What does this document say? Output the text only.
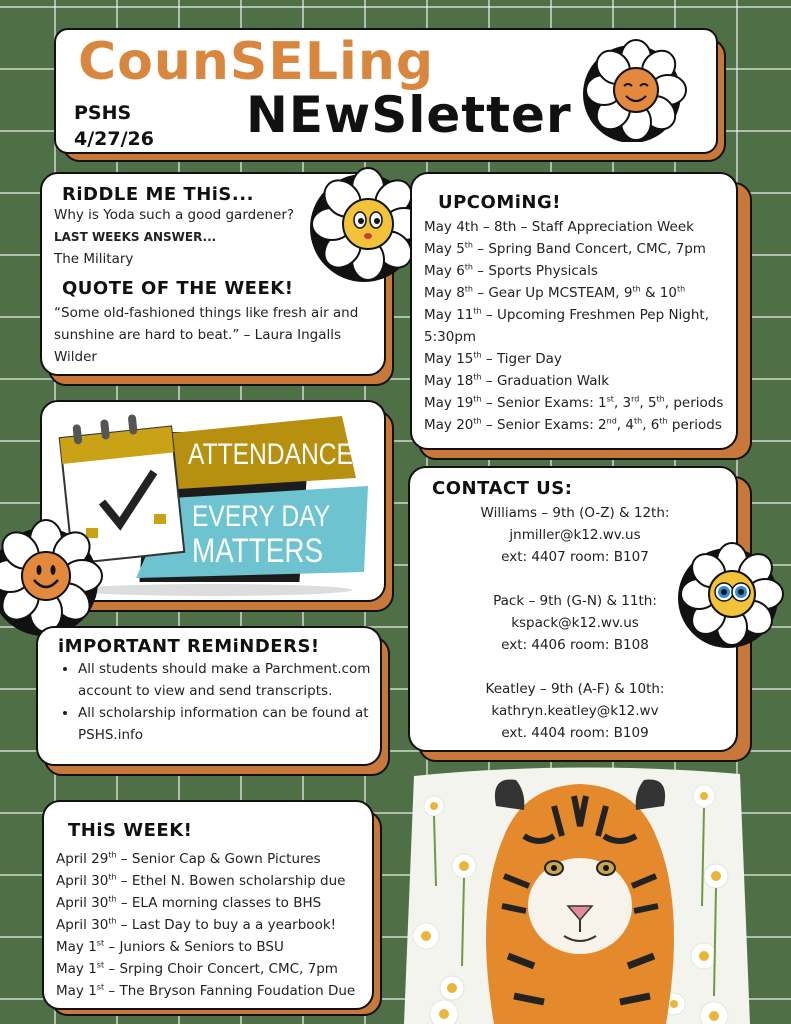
CounSELing
NEwSletter
PSHS
4/27/26
RiDDLE ME THiS...
Why is Yoda such a good gardener?
LAST WEEKS ANSWER...
The Military
QUOTE OF THE WEEK!
“Some old-fashioned things like fresh air and sunshine are hard to beat.” – Laura Ingalls Wilder
ATTENDANCE
EVERY DAY
MATTERS
iMPORTANT REMiNDERS!
• All students should make a Parchment.com account to view and send transcripts.
• All scholarship information can be found at PSHS.info
THiS WEEK!
April 29th – Senior Cap & Gown Pictures
April 30th – Ethel N. Bowen scholarship due
April 30th – ELA morning classes to BHS
April 30th – Last Day to buy a a yearbook!
May 1st – Juniors & Seniors to BSU
May 1st – Srping Choir Concert, CMC, 7pm
May 1st – The Bryson Fanning Foudation Due
UPCOMiNG!
May 4th – 8th – Staff Appreciation Week
May 5th – Spring Band Concert, CMC, 7pm
May 6th – Sports Physicals
May 8th – Gear Up MCSTEAM, 9th & 10th
May 11th – Upcoming Freshmen Pep Night, 5:30pm
May 15th – Tiger Day
May 18th – Graduation Walk
May 19th – Senior Exams: 1st, 3rd, 5th, periods
May 20th – Senior Exams: 2nd, 4th, 6th periods
CONTACT US:
Williams – 9th (O-Z) & 12th:
jnmiller@k12.wv.us
ext: 4407 room: B107
Pack – 9th (G-N) & 11th:
kspack@k12.wv.us
ext: 4406 room: B108
Keatley – 9th (A-F) & 10th:
kathryn.keatley@k12.wv
ext. 4404 room: B109
